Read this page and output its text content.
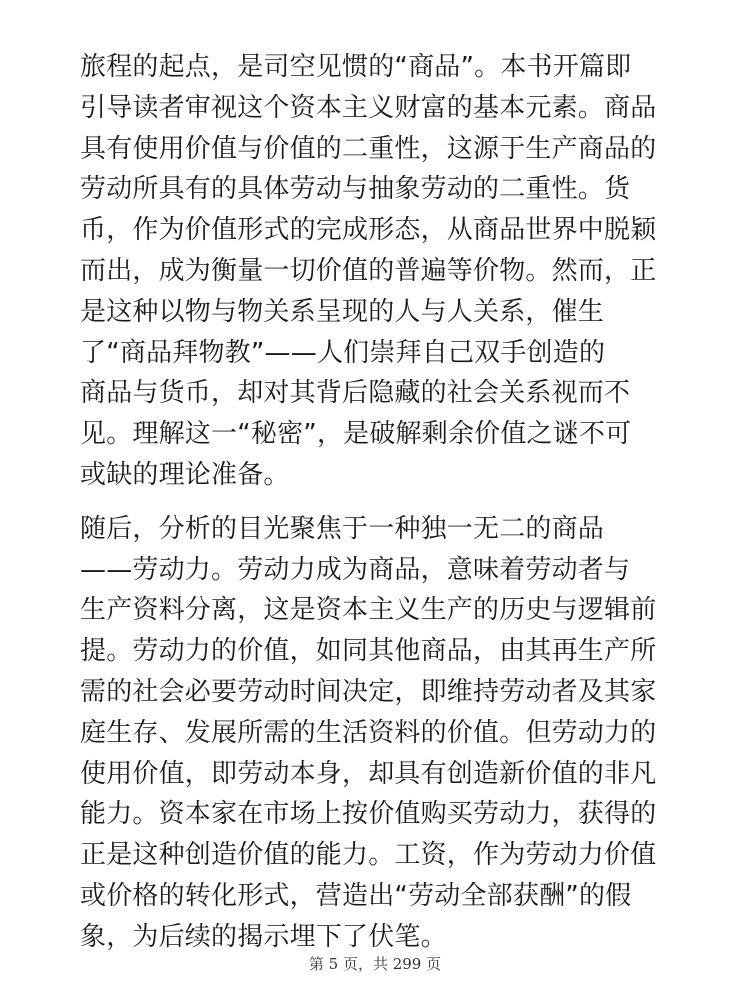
旅程的起点，是司空见惯的“商品”。本书开篇即
引导读者审视这个资本主义财富的基本元素。商品
具有使用价值与价值的二重性，这源于生产商品的
劳动所具有的具体劳动与抽象劳动的二重性。货
币，作为价值形式的完成形态，从商品世界中脱颖
而出，成为衡量一切价值的普遍等价物。然而，正
是这种以物与物关系呈现的人与人关系，催生
了“商品拜物教”——人们崇拜自己双手创造的
商品与货币，却对其背后隐藏的社会关系视而不
见。理解这一“秘密”，是破解剩余价值之谜不可
或缺的理论准备。
随后，分析的目光聚焦于一种独一无二的商品
——劳动力。劳动力成为商品，意味着劳动者与
生产资料分离，这是资本主义生产的历史与逻辑前
提。劳动力的价值，如同其他商品，由其再生产所
需的社会必要劳动时间决定，即维持劳动者及其家
庭生存、发展所需的生活资料的价值。但劳动力的
使用价值，即劳动本身，却具有创造新价值的非凡
能力。资本家在市场上按价值购买劳动力，获得的
正是这种创造价值的能力。工资，作为劳动力价值
或价格的转化形式，营造出“劳动全部获酬”的假
象，为后续的揭示埋下了伏笔。
第 5 页，共 299 页
